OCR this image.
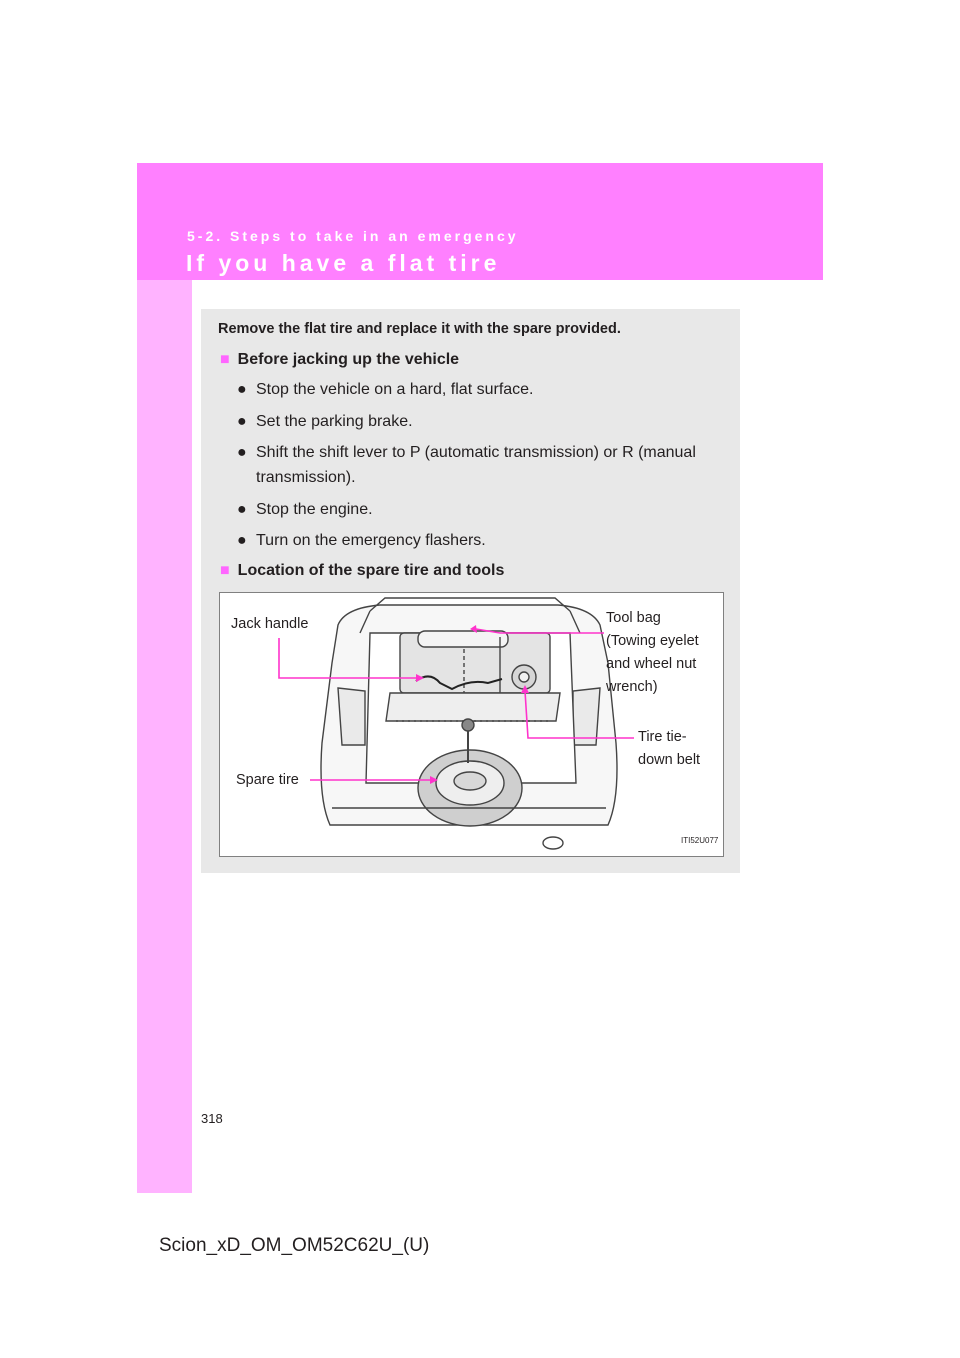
5-2. Steps to take in an emergency
If you have a flat tire
Remove the flat tire and replace it with the spare provided.
■ Before jacking up the vehicle
● Stop the vehicle on a hard, flat surface.
● Set the parking brake.
● Shift the shift lever to P (automatic transmission) or R (manual transmission).
● Stop the engine.
● Turn on the emergency flashers.
■ Location of the spare tire and tools
Jack handle	Tool bag
(Towing eyelet
and wheel nut
wrench)
Tire tie-
down belt
Spare tire
ITI52U077
318
Scion_xD_OM_OM52C62U_(U)
